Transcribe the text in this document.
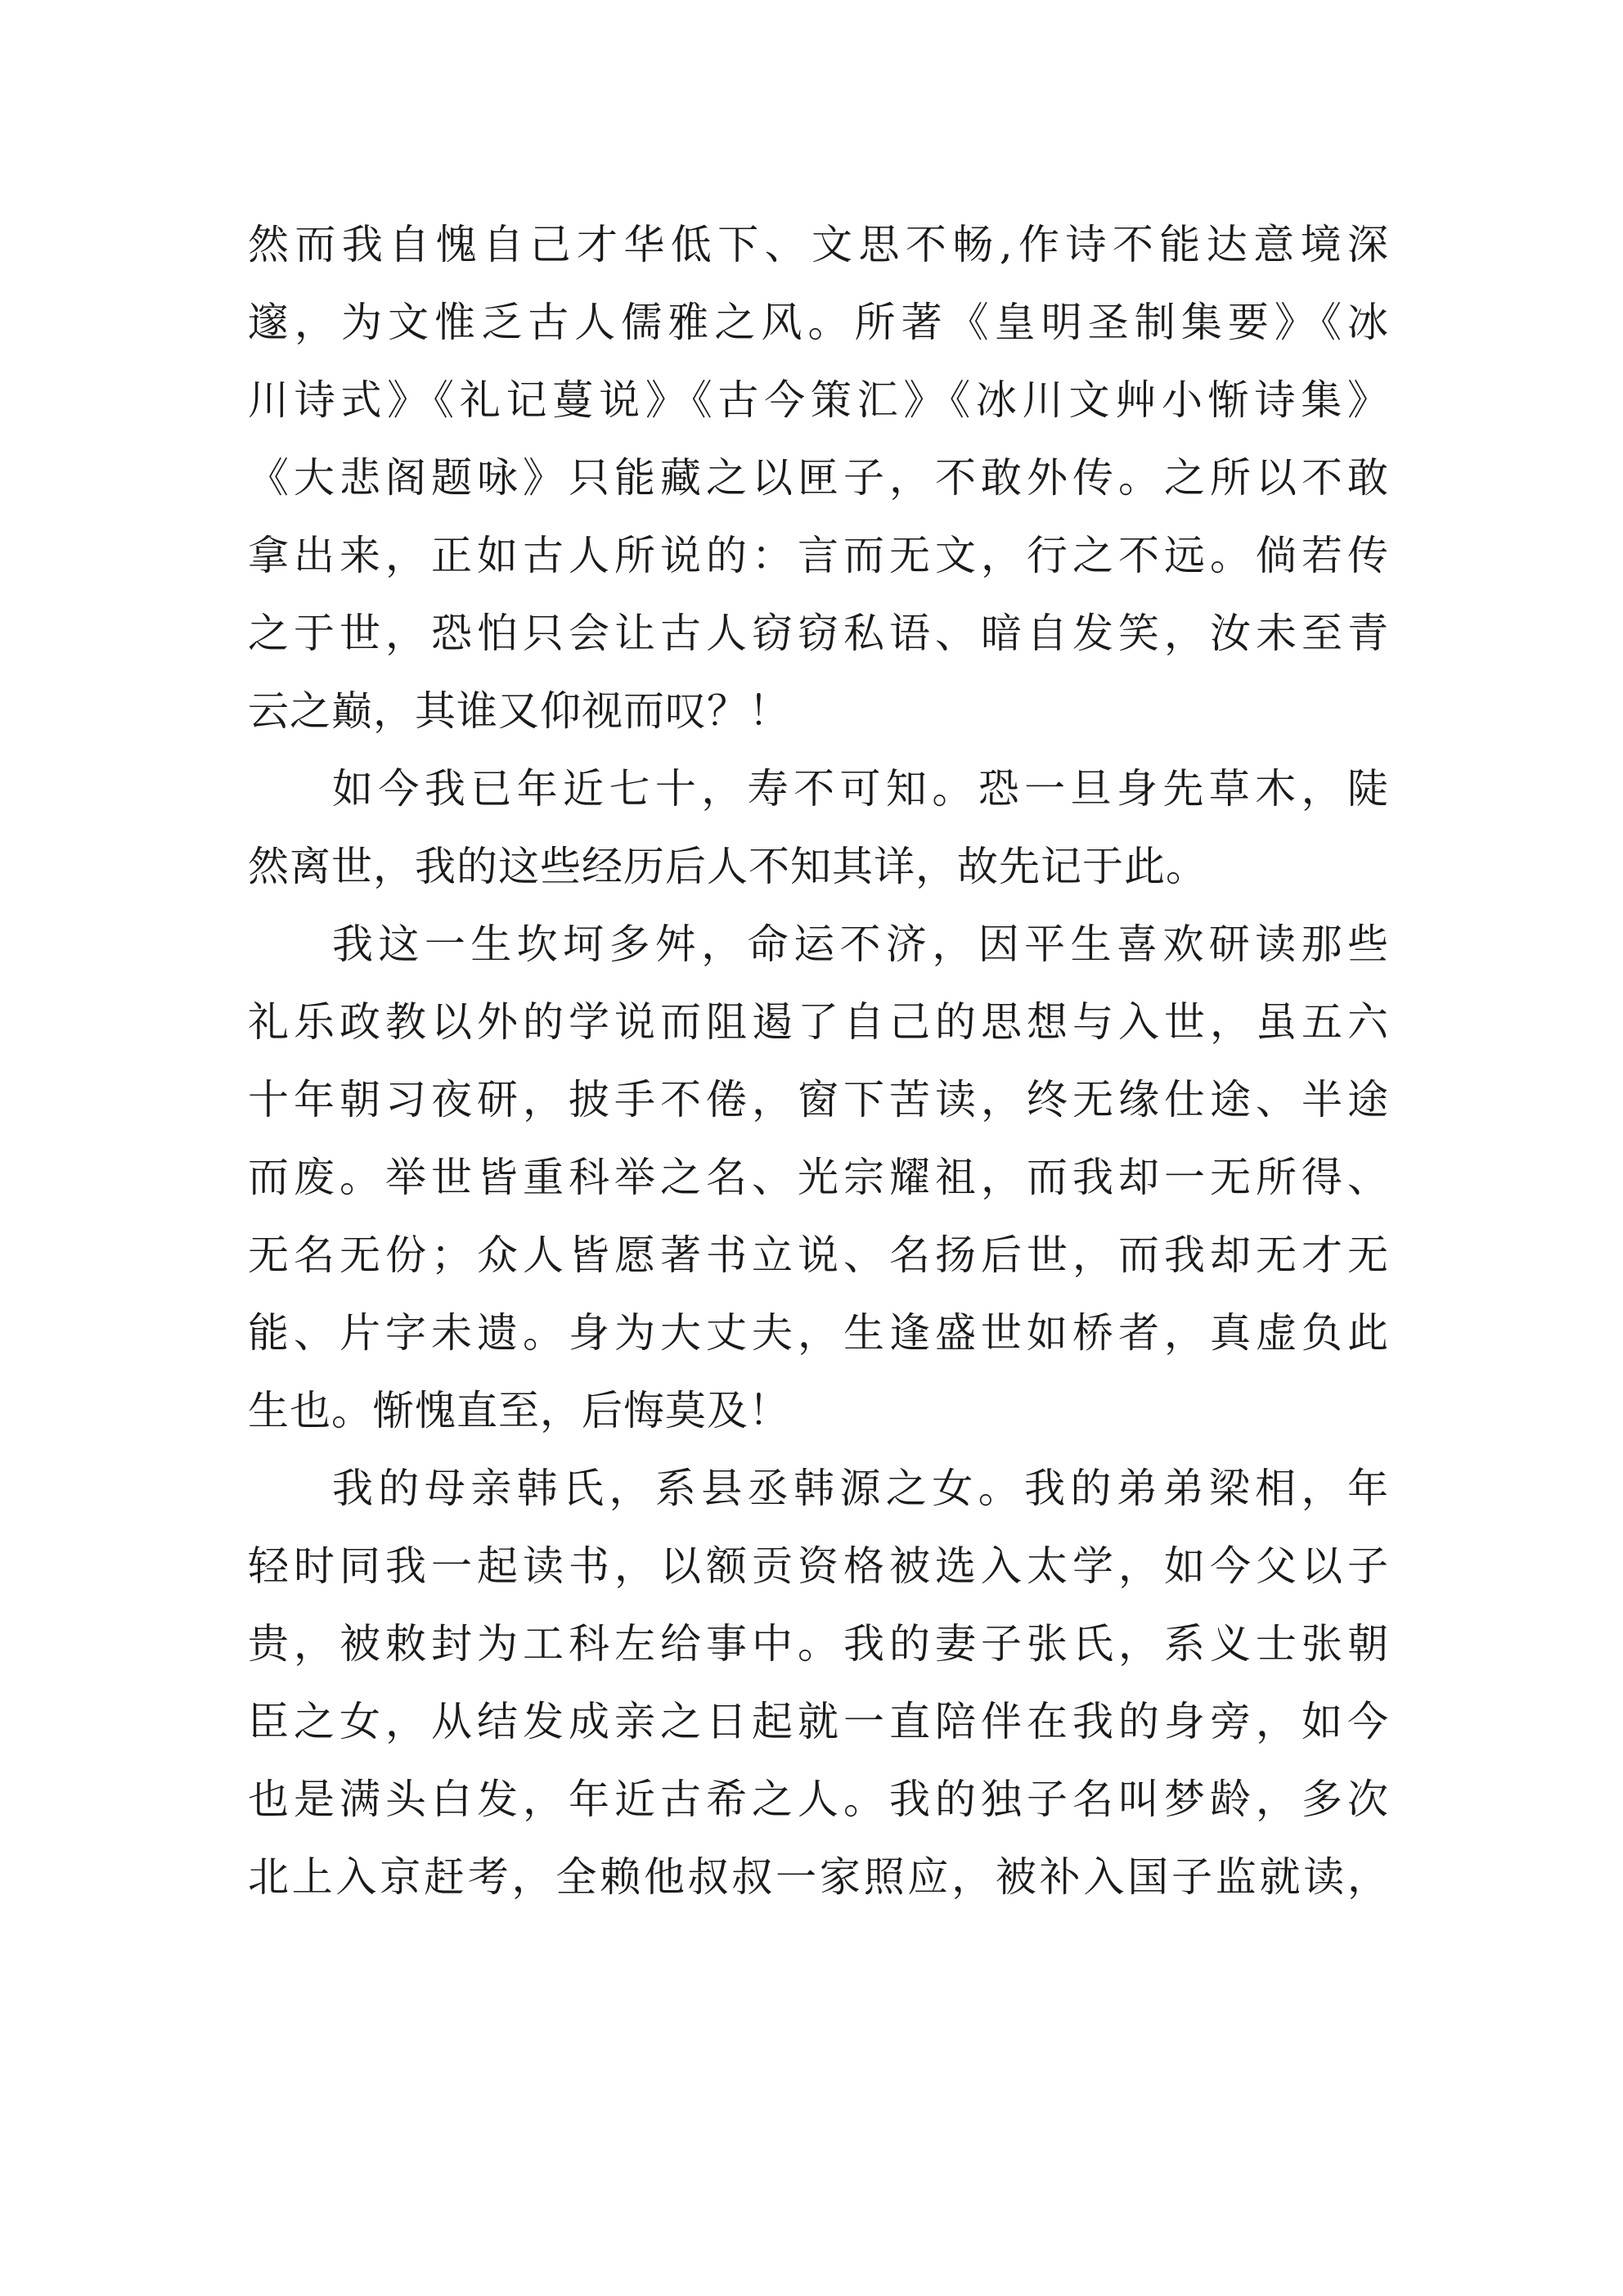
然而我自愧自己才华低下、文思不畅,作诗不能达意境深
邃，为文惟乏古人儒雅之风。所著《皇明圣制集要》《冰
川诗式》《礼记蔓说》《古今策汇》《冰川文艸小惭诗集》
《大悲阁题咏》只能藏之以匣子，不敢外传。之所以不敢
拿出来，正如古人所说的：言而无文，行之不远。倘若传
之于世，恐怕只会让古人窃窃私语、暗自发笑，汝未至青
云之巅，其谁又仰视而叹？！
如今我已年近七十，寿不可知。恐一旦身先草木，陡
然离世，我的这些经历后人不知其详，故先记于此。
我这一生坎坷多舛，命运不济，因平生喜欢研读那些
礼乐政教以外的学说而阻遏了自己的思想与入世，虽五六
十年朝习夜研，披手不倦，窗下苦读，终无缘仕途、半途
而废。举世皆重科举之名、光宗耀祖，而我却一无所得、
无名无份；众人皆愿著书立说、名扬后世，而我却无才无
能、片字未遗。身为大丈夫，生逢盛世如桥者，真虚负此
生也。惭愧直至，后悔莫及！
我的母亲韩氏，系县丞韩源之女。我的弟弟梁相，年
轻时同我一起读书，以额贡资格被选入太学，如今父以子
贵，被敕封为工科左给事中。我的妻子张氏，系义士张朝
臣之女，从结发成亲之日起就一直陪伴在我的身旁，如今
也是满头白发，年近古希之人。我的独子名叫梦龄，多次
北上入京赶考，全赖他叔叔一家照应，被补入国子监就读，
